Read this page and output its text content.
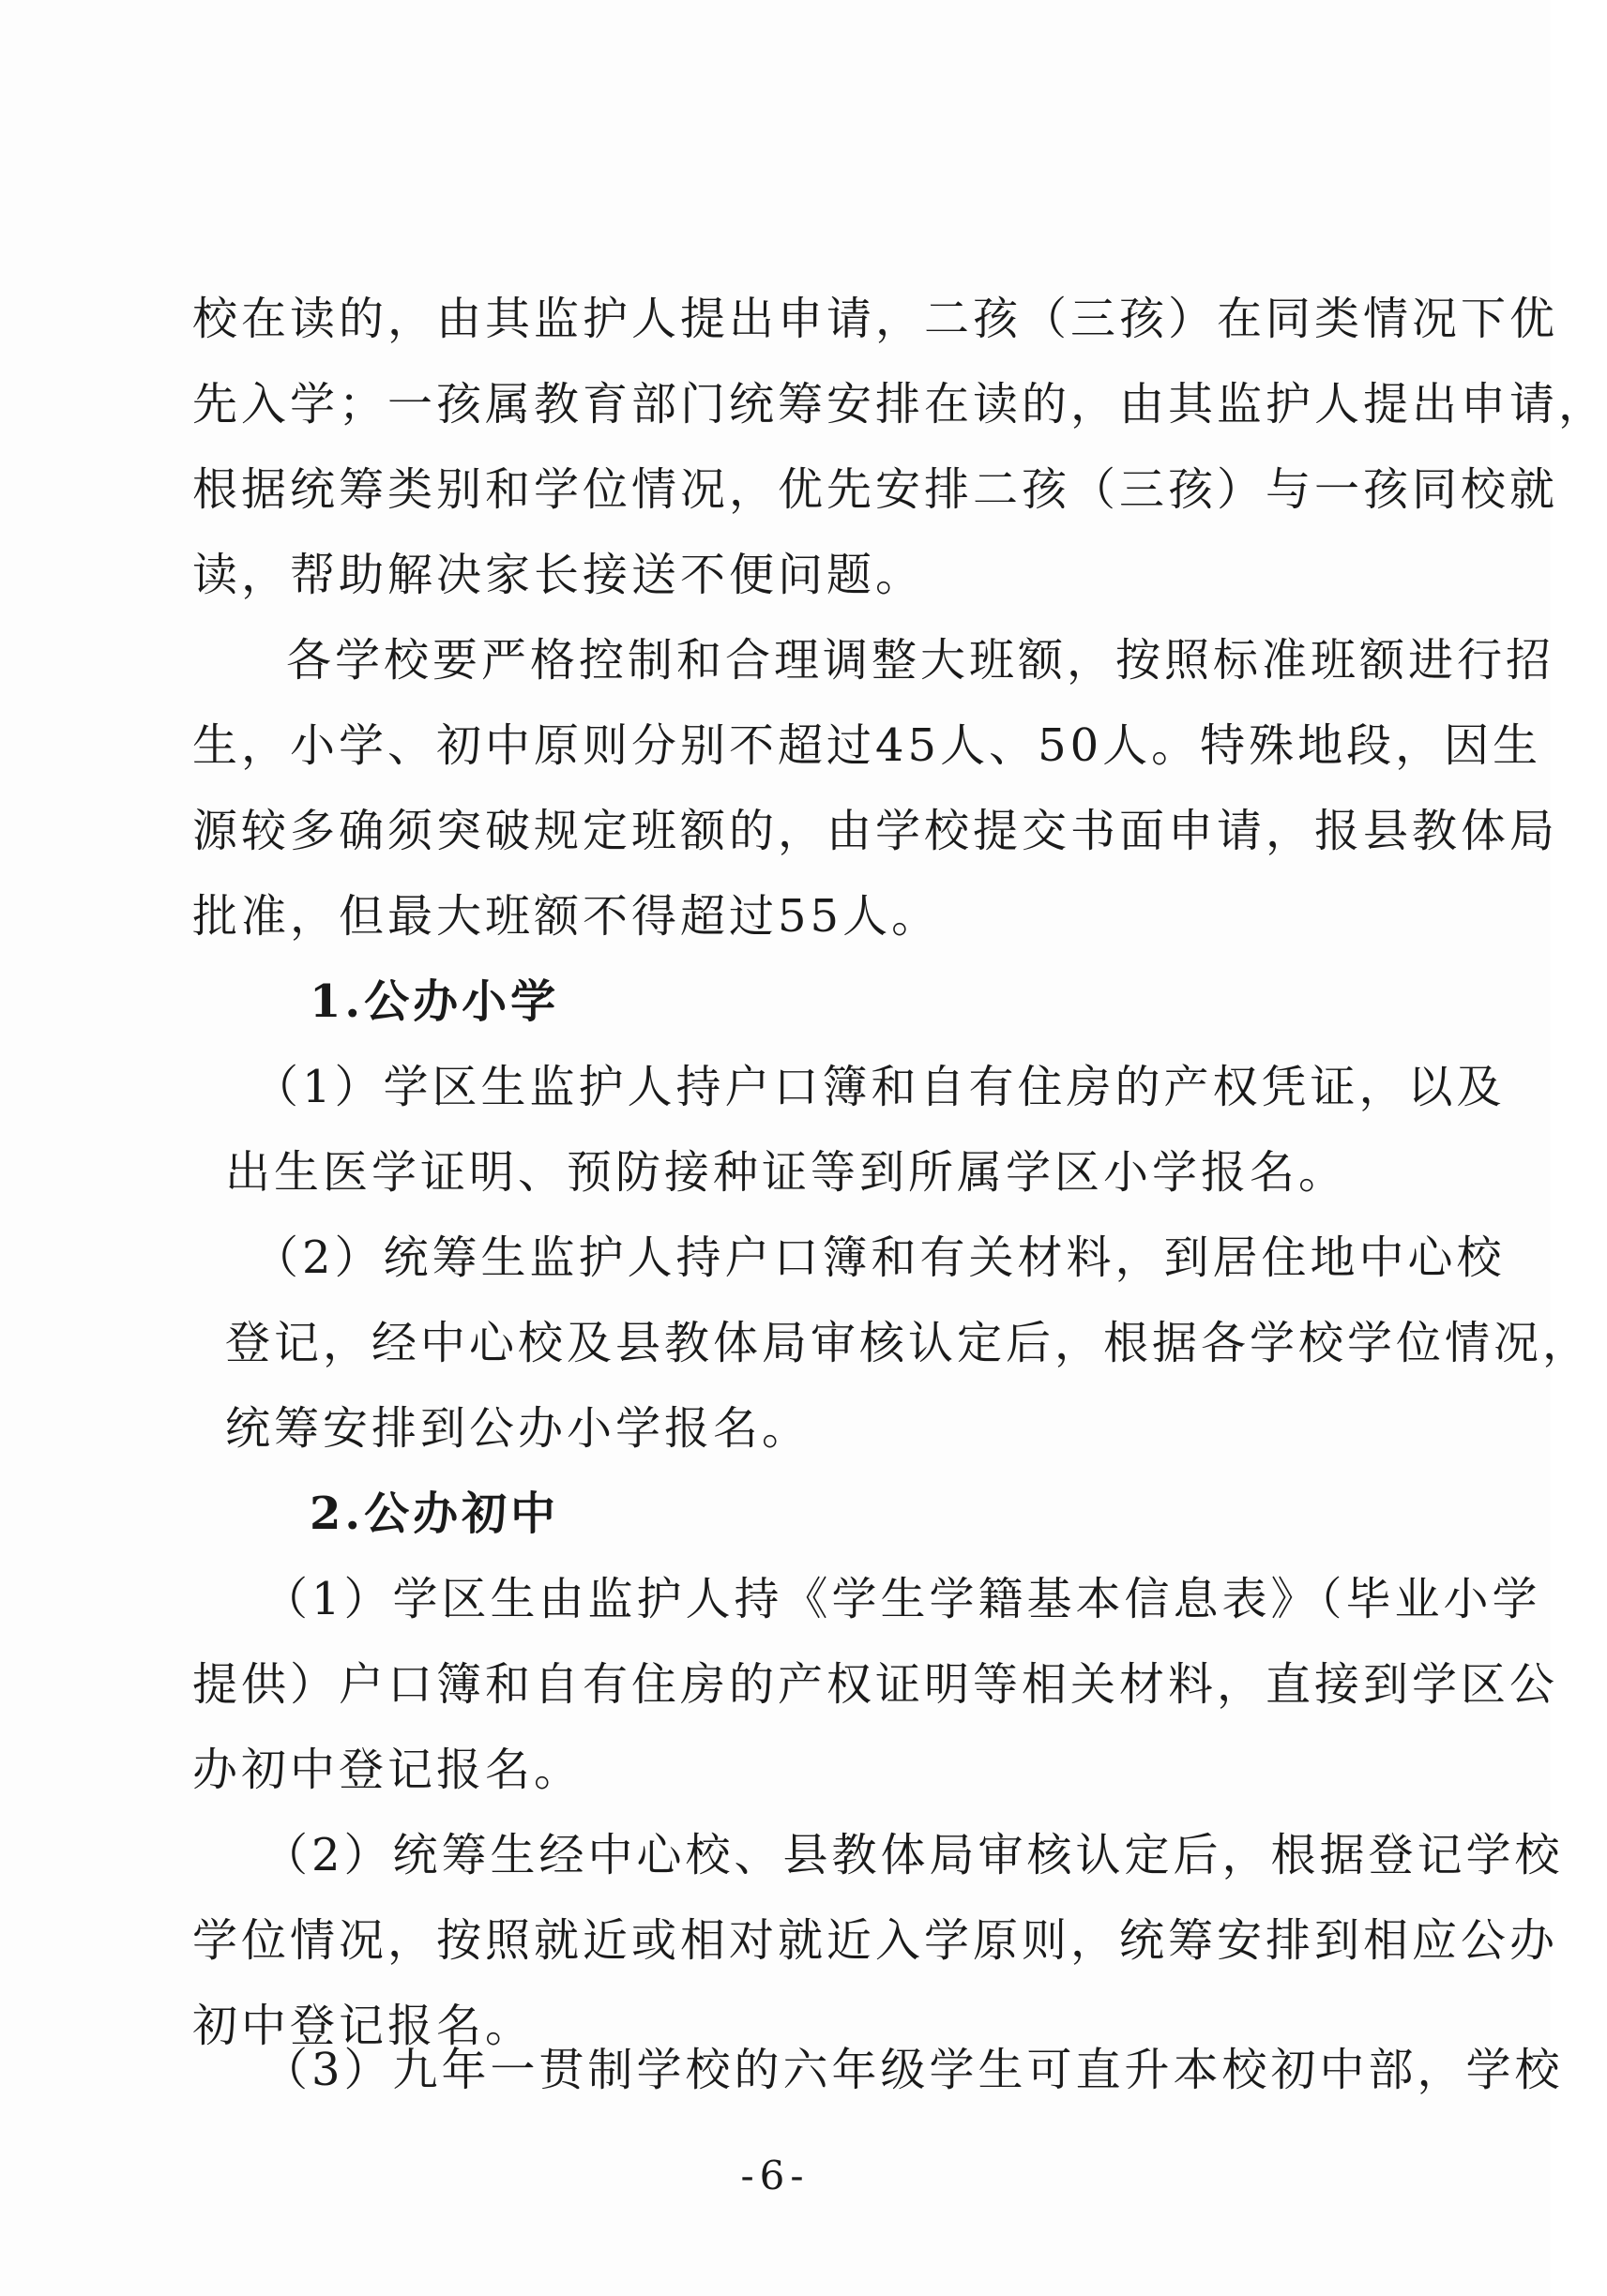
校在读的，由其监护人提出申请，二孩（三孩）在同类情况下优
先入学；一孩属教育部门统筹安排在读的，由其监护人提出申请，
根据统筹类别和学位情况，优先安排二孩（三孩）与一孩同校就
读，帮助解决家长接送不便问题。
各学校要严格控制和合理调整大班额，按照标准班额进行招
生，小学、初中原则分别不超过45人、50人。特殊地段，因生
源较多确须突破规定班额的，由学校提交书面申请，报县教体局
批准，但最大班额不得超过55人。
1.公办小学
（1）学区生监护人持户口簿和自有住房的产权凭证，以及
出生医学证明、预防接种证等到所属学区小学报名。
（2）统筹生监护人持户口簿和有关材料，到居住地中心校
登记，经中心校及县教体局审核认定后，根据各学校学位情况，
统筹安排到公办小学报名。
2.公办初中
（1）学区生由监护人持《学生学籍基本信息表》（毕业小学
提供）户口簿和自有住房的产权证明等相关材料，直接到学区公
办初中登记报名。
（2）统筹生经中心校、县教体局审核认定后，根据登记学校
学位情况，按照就近或相对就近入学原则，统筹安排到相应公办
初中登记报名。
-6-
（3）九年一贯制学校的六年级学生可直升本校初中部，学校
